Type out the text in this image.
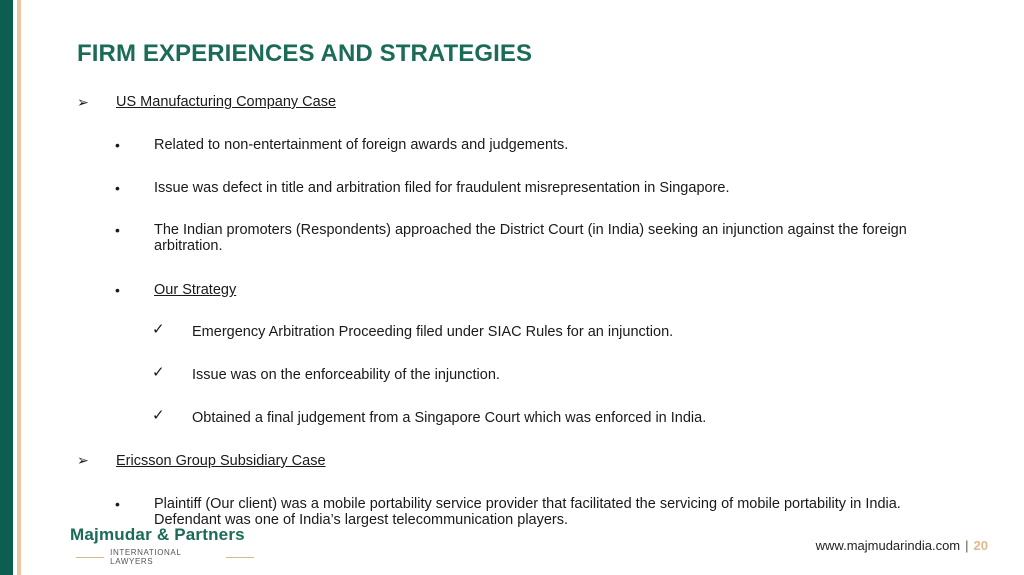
FIRM EXPERIENCES AND STRATEGIES
➢ US Manufacturing Company Case
• Related to non-entertainment of foreign awards and judgements.
• Issue was defect in title and arbitration filed for fraudulent misrepresentation in Singapore.
• The Indian promoters (Respondents) approached the District Court (in India) seeking an injunction against the foreign arbitration.
• Our Strategy
✓ Emergency Arbitration Proceeding filed under SIAC Rules for an injunction.
✓ Issue was on the enforceability of the injunction.
✓ Obtained a final judgement from a Singapore Court which was enforced in India.
➢ Ericsson Group Subsidiary Case
• Plaintiff (Our client) was a mobile portability service provider that facilitated the servicing of mobile portability in India. Defendant was one of India’s largest telecommunication players.
Majmudar & Partners
INTERNATIONAL LAWYERS
www.majmudarindia.com | 20
